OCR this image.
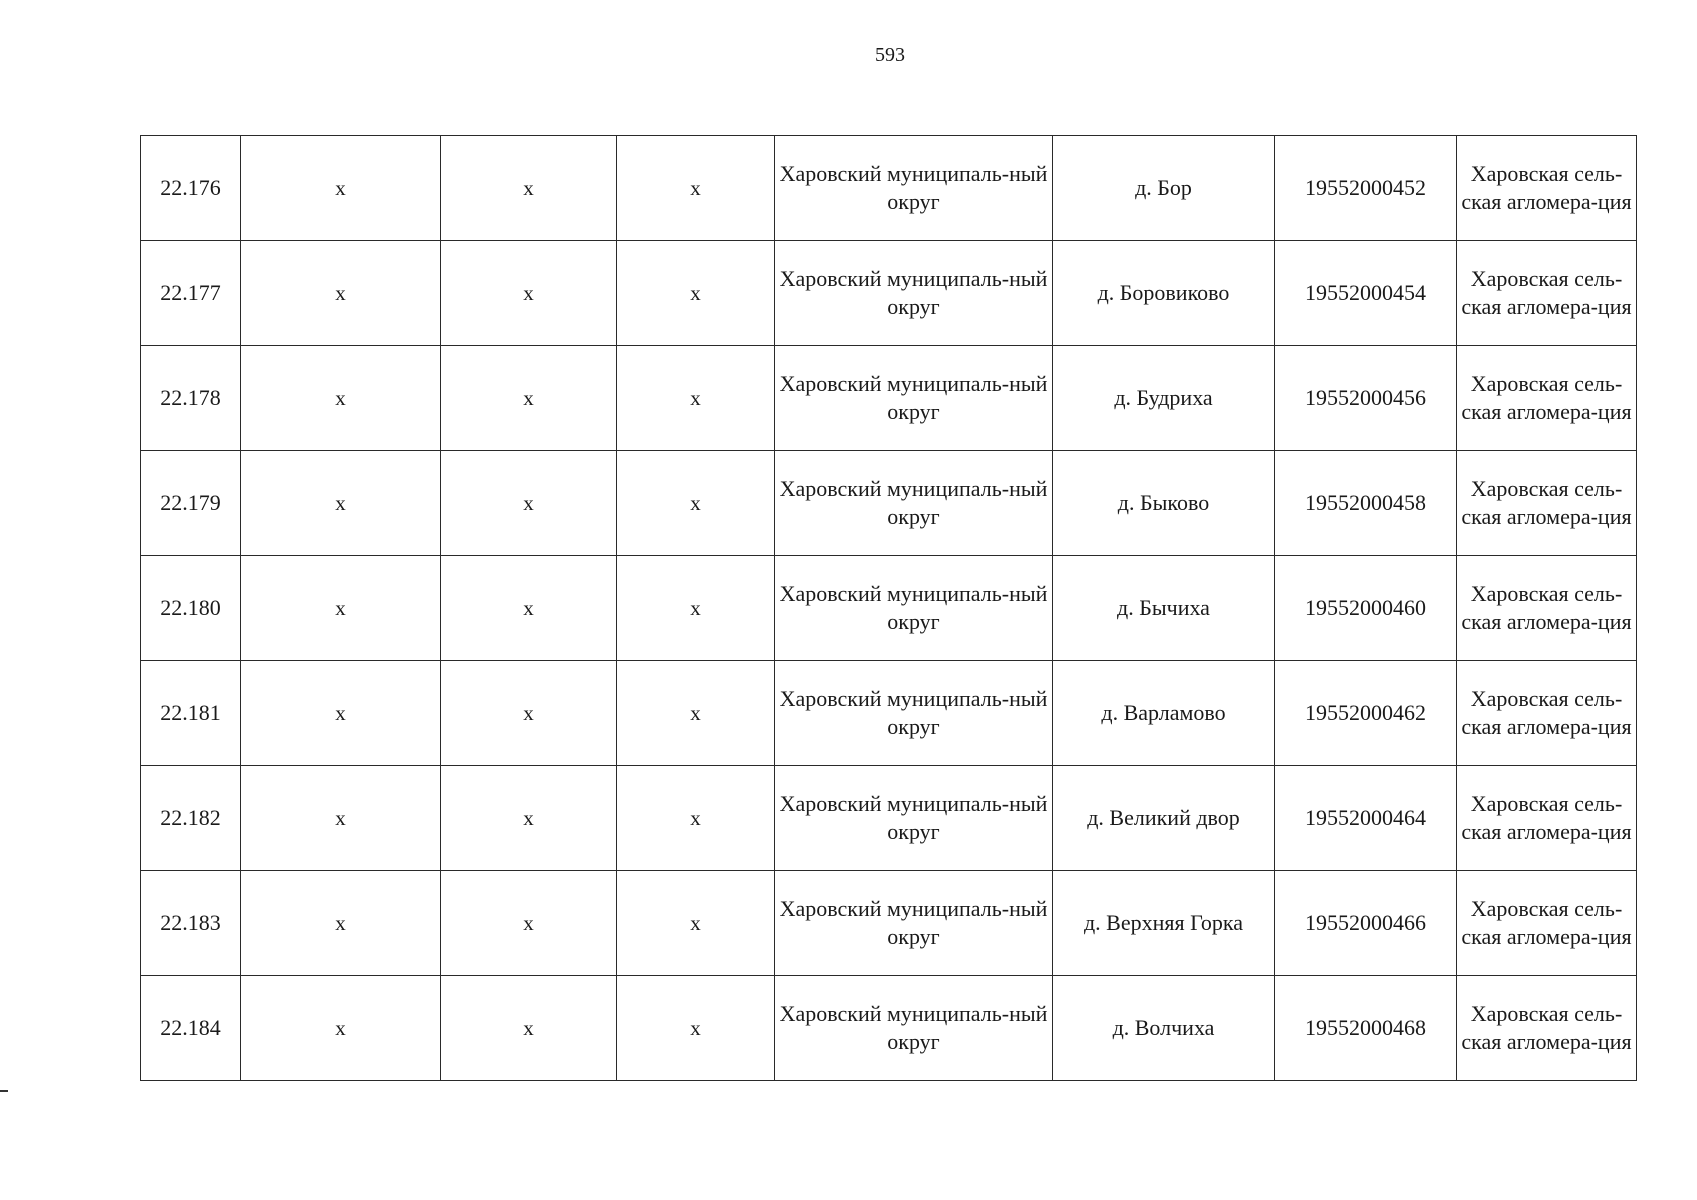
593
22.176	х	х	х	Харовский муниципаль-ный округ	д. Бор	19552000452	Харовская сель-ская агломера-ция
22.177	х	х	х	Харовский муниципаль-ный округ	д. Боровиково	19552000454	Харовская сель-ская агломера-ция
22.178	х	х	х	Харовский муниципаль-ный округ	д. Будриха	19552000456	Харовская сель-ская агломера-ция
22.179	х	х	х	Харовский муниципаль-ный округ	д. Быково	19552000458	Харовская сель-ская агломера-ция
22.180	х	х	х	Харовский муниципаль-ный округ	д. Бычиха	19552000460	Харовская сель-ская агломера-ция
22.181	х	х	х	Харовский муниципаль-ный округ	д. Варламово	19552000462	Харовская сель-ская агломера-ция
22.182	х	х	х	Харовский муниципаль-ный округ	д. Великий двор	19552000464	Харовская сель-ская агломера-ция
22.183	х	х	х	Харовский муниципаль-ный округ	д. Верхняя Горка	19552000466	Харовская сель-ская агломера-ция
22.184	х	х	х	Харовский муниципаль-ный округ	д. Волчиха	19552000468	Харовская сель-ская агломера-ция
